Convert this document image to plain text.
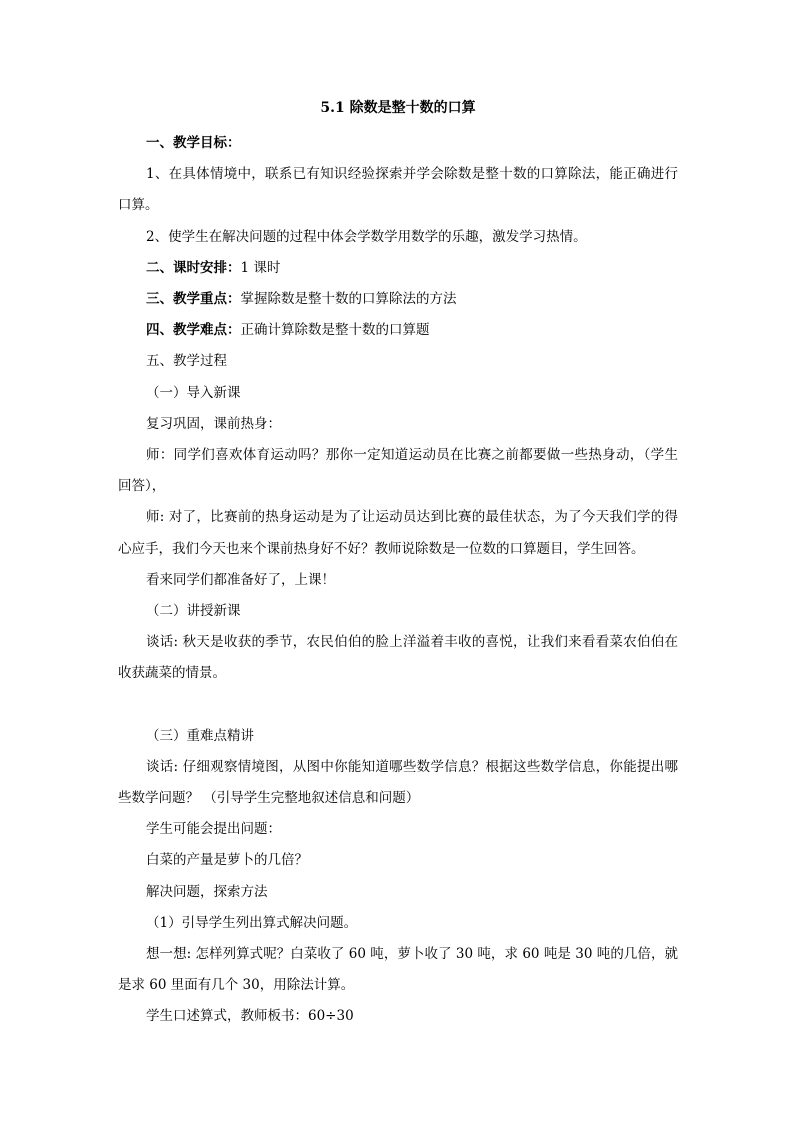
5.1 除数是整十数的口算

一、教学目标：

1、在具体情境中，联系已有知识经验探索并学会除数是整十数的口算除法，能正确进行口算。

2、使学生在解决问题的过程中体会学数学用数学的乐趣，激发学习热情。

二、课时安排：1 课时

三、教学重点：掌握除数是整十数的口算除法的方法

四、教学难点：正确计算除数是整十数的口算题

五、教学过程

（一）导入新课

复习巩固，课前热身：

师：同学们喜欢体育运动吗？那你一定知道运动员在比赛之前都要做一些热身动，（学生回答），

师: 对了，比赛前的热身运动是为了让运动员达到比赛的最佳状态，为了今天我们学的得心应手，我们今天也来个课前热身好不好？教师说除数是一位数的口算题目，学生回答。

看来同学们都准备好了，上课！

（二）讲授新课

谈话: 秋天是收获的季节，农民伯伯的脸上洋溢着丰收的喜悦，让我们来看看菜农伯伯在收获蔬菜的情景。

（三）重难点精讲

谈话: 仔细观察情境图，从图中你能知道哪些数学信息？根据这些数学信息，你能提出哪些数学问题？ （引导学生完整地叙述信息和问题）

学生可能会提出问题：

白菜的产量是萝卜的几倍？

解决问题，探索方法

（1）引导学生列出算式解决问题。

想一想: 怎样列算式呢？白菜收了 60 吨，萝卜收了 30 吨，求 60 吨是 30 吨的几倍，就是求 60 里面有几个 30，用除法计算。

学生口述算式，教师板书：60÷30
